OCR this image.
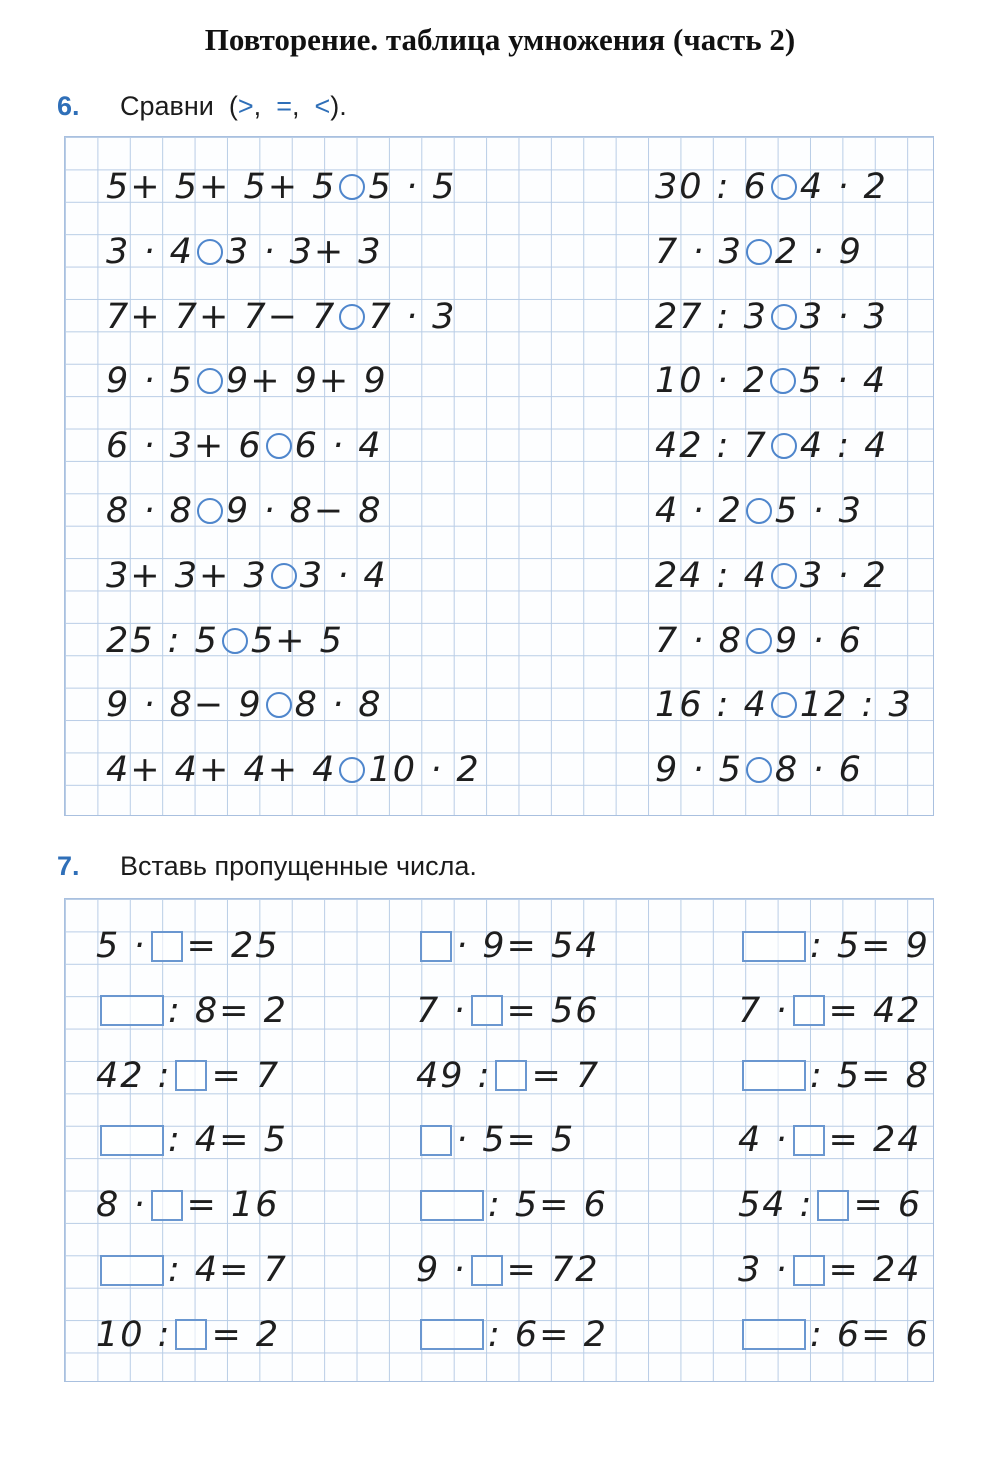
Повторение. таблица умножения (часть 2)
6. Сравни (>, =, <).
5+ 5+ 5+ 5 5 · 5
3 · 4 3 · 3+ 3
7+ 7+ 7− 7 7 · 3
9 · 5 9+ 9+ 9
6 · 3+ 6 6 · 4
8 · 8 9 · 8− 8
3+ 3+ 3 3 · 4
25 : 5 5+ 5
9 · 8− 9 8 · 8
4+ 4+ 4+ 4 10 · 2
30 : 6 4 · 2
7 · 3 2 · 9
27 : 3 3 · 3
10 · 2 5 · 4
42 : 7 4 : 4
4 · 2 5 · 3
24 : 4 3 · 2
7 · 8 9 · 6
16 : 4 12 : 3
9 · 5 8 · 6
7. Вставь пропущенные числа.
5 · = 25
: 8= 2
42 : = 7
: 4= 5
8 · = 16
: 4= 7
10 : = 2
· 9= 54
7 · = 56
49 : = 7
· 5= 5
: 5= 6
9 · = 72
: 6= 2
: 5= 9
7 · = 42
: 5= 8
4 · = 24
54 : = 6
3 · = 24
: 6= 6
